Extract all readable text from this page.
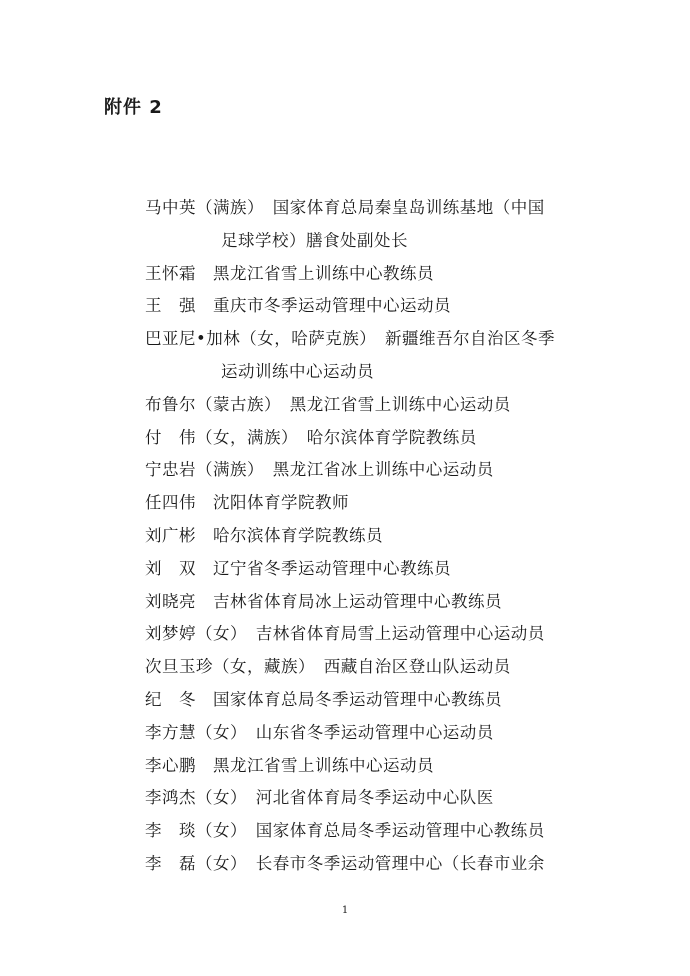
附件 2
马中英（满族）　国家体育总局秦皇岛训练基地（中国
足球学校）膳食处副处长
王怀霜　黑龙江省雪上训练中心教练员
王　强　重庆市冬季运动管理中心运动员
巴亚尼•加林（女，哈萨克族）　新疆维吾尔自治区冬季
运动训练中心运动员
布鲁尔（蒙古族）　黑龙江省雪上训练中心运动员
付　伟（女，满族）　哈尔滨体育学院教练员
宁忠岩（满族）　黑龙江省冰上训练中心运动员
任四伟　沈阳体育学院教师
刘广彬　哈尔滨体育学院教练员
刘　双　辽宁省冬季运动管理中心教练员
刘晓亮　吉林省体育局冰上运动管理中心教练员
刘梦婷（女）　吉林省体育局雪上运动管理中心运动员
次旦玉珍（女，藏族）　西藏自治区登山队运动员
纪　冬　国家体育总局冬季运动管理中心教练员
李方慧（女）　山东省冬季运动管理中心运动员
李心鹏　黑龙江省雪上训练中心运动员
李鸿杰（女）　河北省体育局冬季运动中心队医
李　琰（女）　国家体育总局冬季运动管理中心教练员
李　磊（女）　长春市冬季运动管理中心（长春市业余
1
